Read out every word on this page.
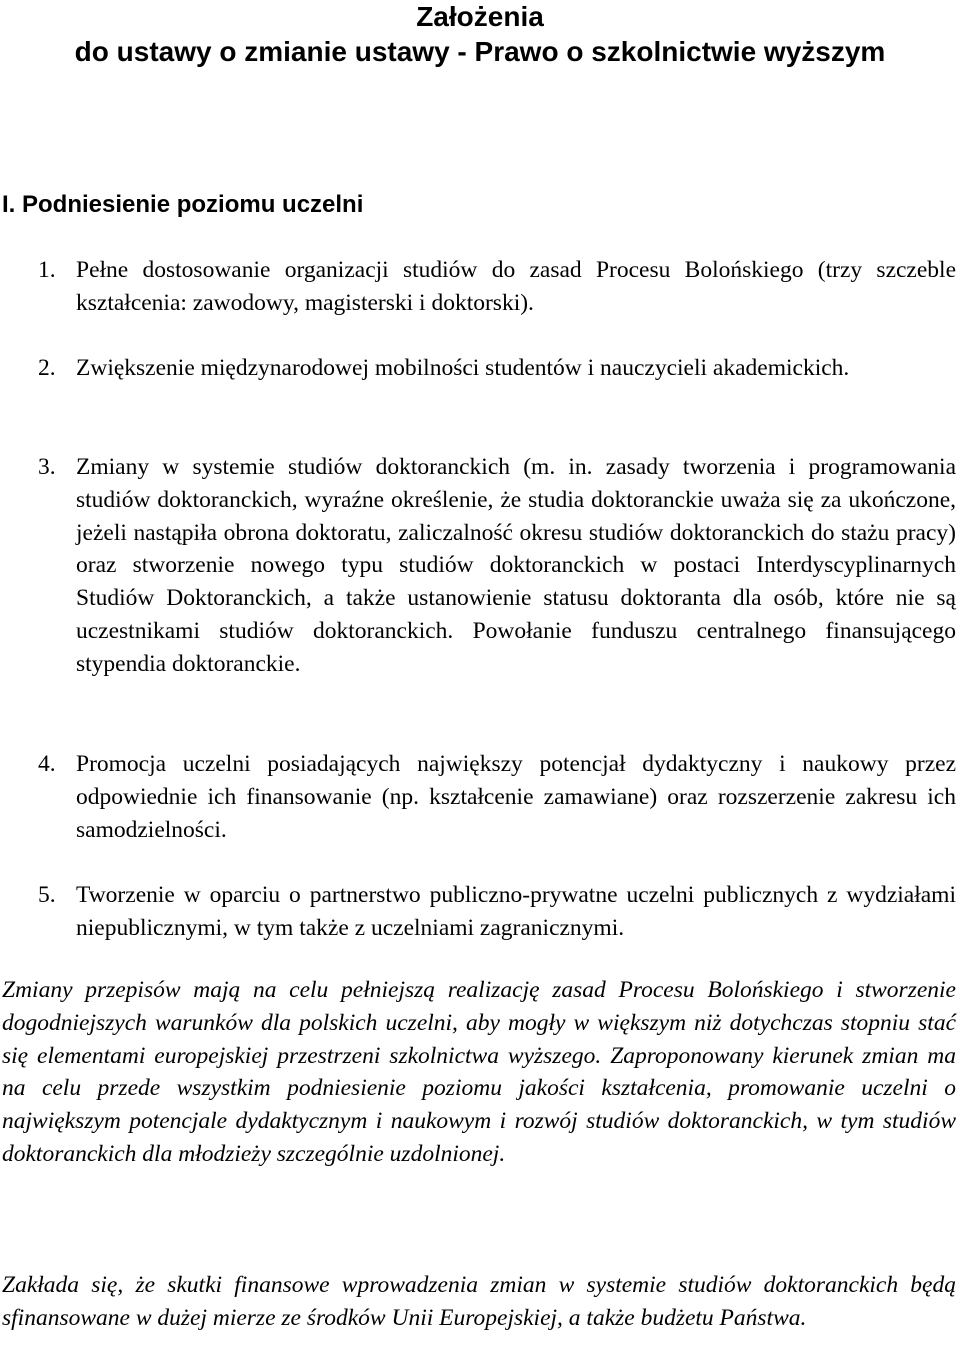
Założenia
do ustawy o zmianie ustawy - Prawo o szkolnictwie wyższym
I. Podniesienie poziomu uczelni
1. Pełne dostosowanie organizacji studiów do zasad Procesu Bolońskiego (trzy szczeble kształcenia: zawodowy, magisterski i doktorski).
2. Zwiększenie międzynarodowej mobilności studentów i nauczycieli akademickich.
3. Zmiany w systemie studiów doktoranckich (m. in. zasady tworzenia i programowania studiów doktoranckich, wyraźne określenie, że studia doktoranckie uważa się za ukończone, jeżeli nastąpiła obrona doktoratu, zaliczalność okresu studiów doktoranckich do stażu pracy) oraz stworzenie nowego typu studiów doktoranckich w postaci Interdyscyplinarnych Studiów Doktoranckich, a także ustanowienie statusu doktoranta dla osób, które nie są uczestnikami studiów doktoranckich. Powołanie funduszu centralnego finansującego stypendia doktoranckie.
4. Promocja uczelni posiadających największy potencjał dydaktyczny i naukowy przez odpowiednie ich finansowanie (np. kształcenie zamawiane) oraz rozszerzenie zakresu ich samodzielności.
5. Tworzenie w oparciu o partnerstwo publiczno-prywatne uczelni publicznych z wydziałami niepublicznymi, w tym także z uczelniami zagranicznymi.
Zmiany przepisów mają na celu pełniejszą realizację zasad Procesu Bolońskiego i stworzenie dogodniejszych warunków dla polskich uczelni, aby mogły w większym niż dotychczas stopniu stać się elementami europejskiej przestrzeni szkolnictwa wyższego. Zaproponowany kierunek zmian ma na celu przede wszystkim podniesienie poziomu jakości kształcenia, promowanie uczelni o największym potencjale dydaktycznym i naukowym i rozwój studiów doktoranckich, w tym studiów doktoranckich dla młodzieży szczególnie uzdolnionej.
Zakłada się, że skutki finansowe wprowadzenia zmian w systemie studiów doktoranckich będą sfinansowane w dużej mierze ze środków Unii Europejskiej, a także budżetu Państwa.
